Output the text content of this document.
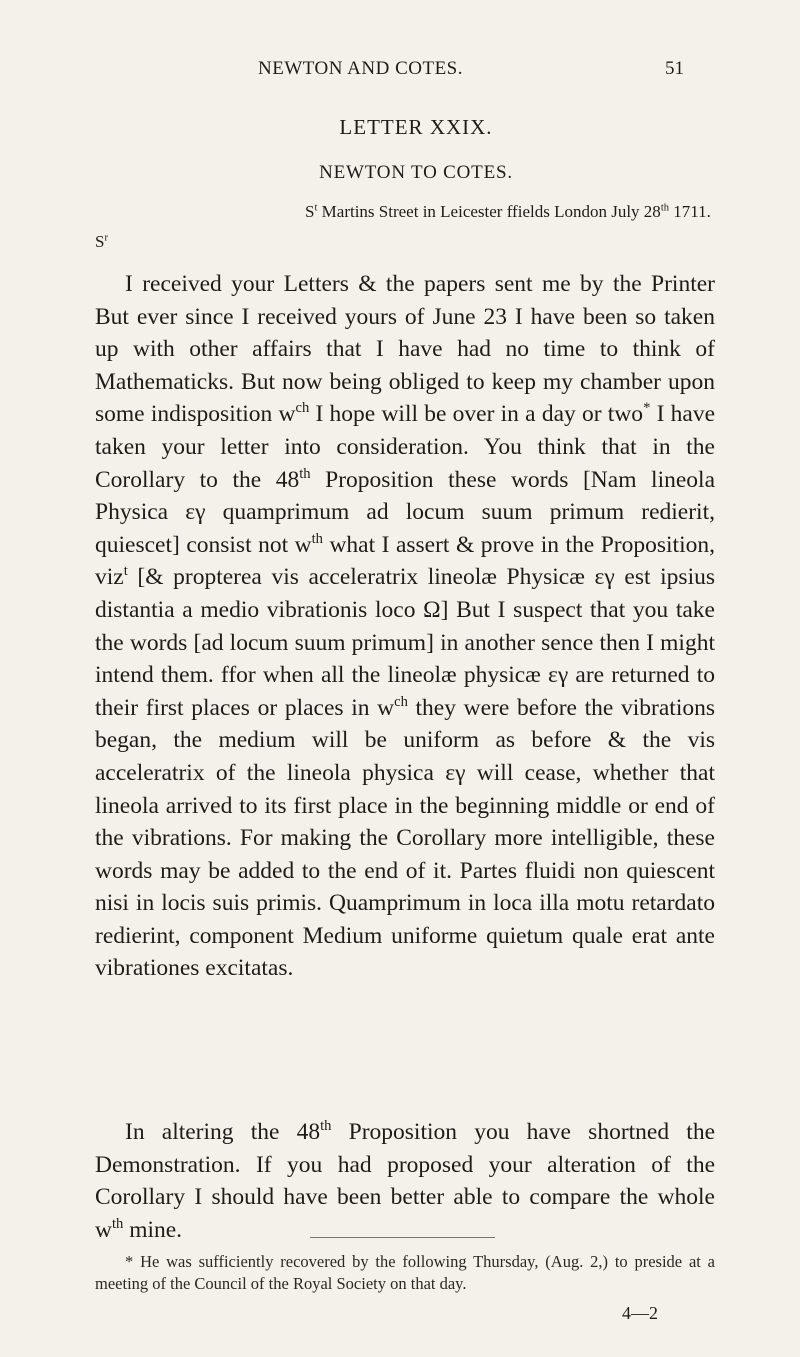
NEWTON AND COTES.	51
LETTER XXIX.
NEWTON TO COTES.
$S^t$ Martins Street in Leicester ffields London July 28th 1711.
$S^r$

I received your Letters & the papers sent me by the Printer But ever since I received yours of June 23 I have been so taken up with other affairs that I have had no time to think of Mathematicks. But now being obliged to keep my chamber upon some indisposition $w^{ch}$ I hope will be over in a day or two* I have taken your letter into consideration. You think that in the Corollary to the 48th Proposition these words [Nam lineola Physica εγ quamprimum ad locum suum primum redierit, quiescet] consist not $w^{th}$ what I assert & prove in the Proposition, viz$^t$ [& propterea vis acceleratrix lineolæ Physicæ εγ est ipsius distantia a medio vibrationis loco Ω] But I suspect that you take the words [ad locum suum primum] in another sence then I might intend them. ffor when all the lineolæ physicæ εγ are returned to their first places or places in $w^{ch}$ they were before the vibrations began, the medium will be uniform as before & the vis acceleratrix of the lineola physica εγ will cease, whether that lineola arrived to its first place in the beginning middle or end of the vibrations. For making the Corollary more intelligible, these words may be added to the end of it. Partes fluidi non quiescent nisi in locis suis primis. Quamprimum in loca illa motu retardato redierint, component Medium uniforme quietum quale erat ante vibrationes excitatas.

In altering the 48th Proposition you have shortned the Demonstration. If you had proposed your alteration of the Corollary I should have been better able to compare the whole $w^{th}$ mine.

* He was sufficiently recovered by the following Thursday, (Aug. 2,) to preside at a meeting of the Council of the Royal Society on that day.

4—2
